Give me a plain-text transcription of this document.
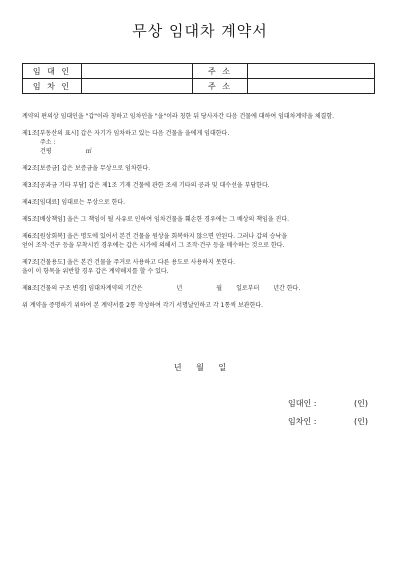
무상 임대차 계약서
임 대 인		주 소	
임 차 인		주 소	

계약의 편의상 임대인을 "갑"이라 칭하고 임차인을 "을"이라 칭한 뒤 당사자간 다음 건물에 대하여 임대차계약을 체결함.

제1조[부동산의 표시] 갑은 자기가 임차하고 있는 다음 건물을 을에게 임대한다.
주소 :
건평	㎡

제2조[보증금] 갑은 보증금을 무상으로 임차한다.

제3조[공과금 기타 부담] 갑은 제1조 기재 건물에 관한 조세 기타의 공과 및 대수선을 부담한다.

제4조[임대료] 임대료는 무상으로 한다.

제5조[배상책임] 을은 그 책임이 될 사유로 인하여 임차건물을 훼손한 경우에는 그 배상의 책임을 진다.

제6조[원상회복] 을은 명도에 있어서 본건 건물을 원상을 회복하지 않으면 안된다. 그러나 갑의 승낙을
얻어 조작·건구 등을 부착시킨 경우에는 갑은 시가에 의해서 그 조작·건구 등을 매수하는 것으로 한다.

제7조[건물용도] 을은 본건 건물을 주거로 사용하고 다른 용도로 사용하지 못한다.
을이 이 항목을 위반할 경우 갑은 계약해지를 할 수 있다.

제8조[건물의 구조 변경] 임대차계약의 기간은	년	월 일로부터 년간 한다.

위 계약을 증명하기 위하여 본 계약서를 2통 작성하여 각기 서명날인하고 각 1통씩 보관한다.

년 월 일
임대인 :	(인)
임차인 :	(인)
